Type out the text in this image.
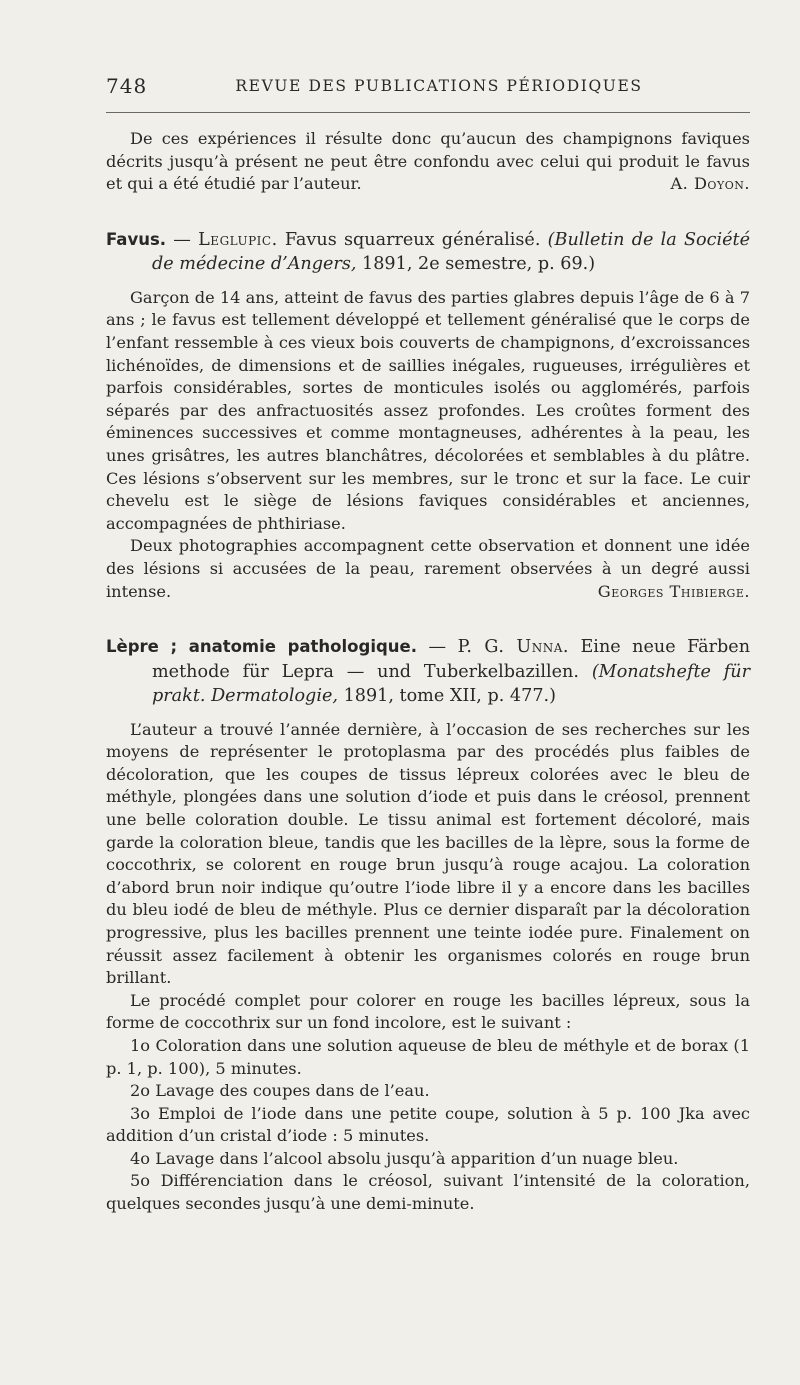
748	REVUE DES PUBLICATIONS PÉRIODIQUES

De ces expériences il résulte donc qu’aucun des champignons faviques décrits jusqu’à présent ne peut être confondu avec celui qui produit le favus et qui a été étudié par l’auteur.	A. Doyon.

Favus. — Leglupic. Favus squarreux généralisé. (Bulletin de la Société de médecine d’Angers, 1891, 2e semestre, p. 69.)

Garçon de 14 ans, atteint de favus des parties glabres depuis l’âge de 6 à 7 ans ; le favus est tellement développé et tellement généralisé que le corps de l’enfant ressemble à ces vieux bois couverts de champignons, d’excroissances lichénoïdes, de dimensions et de saillies inégales, rugueuses, irrégulières et parfois considérables, sortes de monticules isolés ou agglomérés, parfois séparés par des anfractuosités assez profondes. Les croûtes forment des éminences successives et comme montagneuses, adhérentes à la peau, les unes grisâtres, les autres blanchâtres, décolorées et semblables à du plâtre. Ces lésions s’observent sur les membres, sur le tronc et sur la face. Le cuir chevelu est le siège de lésions faviques considérables et anciennes, accompagnées de phthiriase.

Deux photographies accompagnent cette observation et donnent une idée des lésions si accusées de la peau, rarement observées à un degré aussi intense.	Georges Thibierge.

Lèpre ; anatomie pathologique. — P. G. Unna. Eine neue Färben methode für Lepra — und Tuberkelbazillen. (Monatshefte für prakt. Dermatologie, 1891, tome XII, p. 477.)

L’auteur a trouvé l’année dernière, à l’occasion de ses recherches sur les moyens de représenter le protoplasma par des procédés plus faibles de décoloration, que les coupes de tissus lépreux colorées avec le bleu de méthyle, plongées dans une solution d’iode et puis dans le créosol, prennent une belle coloration double. Le tissu animal est fortement décoloré, mais garde la coloration bleue, tandis que les bacilles de la lèpre, sous la forme de coccothrix, se colorent en rouge brun jusqu’à rouge acajou. La coloration d’abord brun noir indique qu’outre l’iode libre il y a encore dans les bacilles du bleu iodé de bleu de méthyle. Plus ce dernier disparaît par la décoloration progressive, plus les bacilles prennent une teinte iodée pure. Finalement on réussit assez facilement à obtenir les organismes colorés en rouge brun brillant.

Le procédé complet pour colorer en rouge les bacilles lépreux, sous la forme de coccothrix sur un fond incolore, est le suivant :

1o Coloration dans une solution aqueuse de bleu de méthyle et de borax (1 p. 1, p. 100), 5 minutes.

2o Lavage des coupes dans de l’eau.

3o Emploi de l’iode dans une petite coupe, solution à 5 p. 100 Jka avec addition d’un cristal d’iode : 5 minutes.

4o Lavage dans l’alcool absolu jusqu’à apparition d’un nuage bleu.

5o Différenciation dans le créosol, suivant l’intensité de la coloration, quelques secondes jusqu’à une demi-minute.
